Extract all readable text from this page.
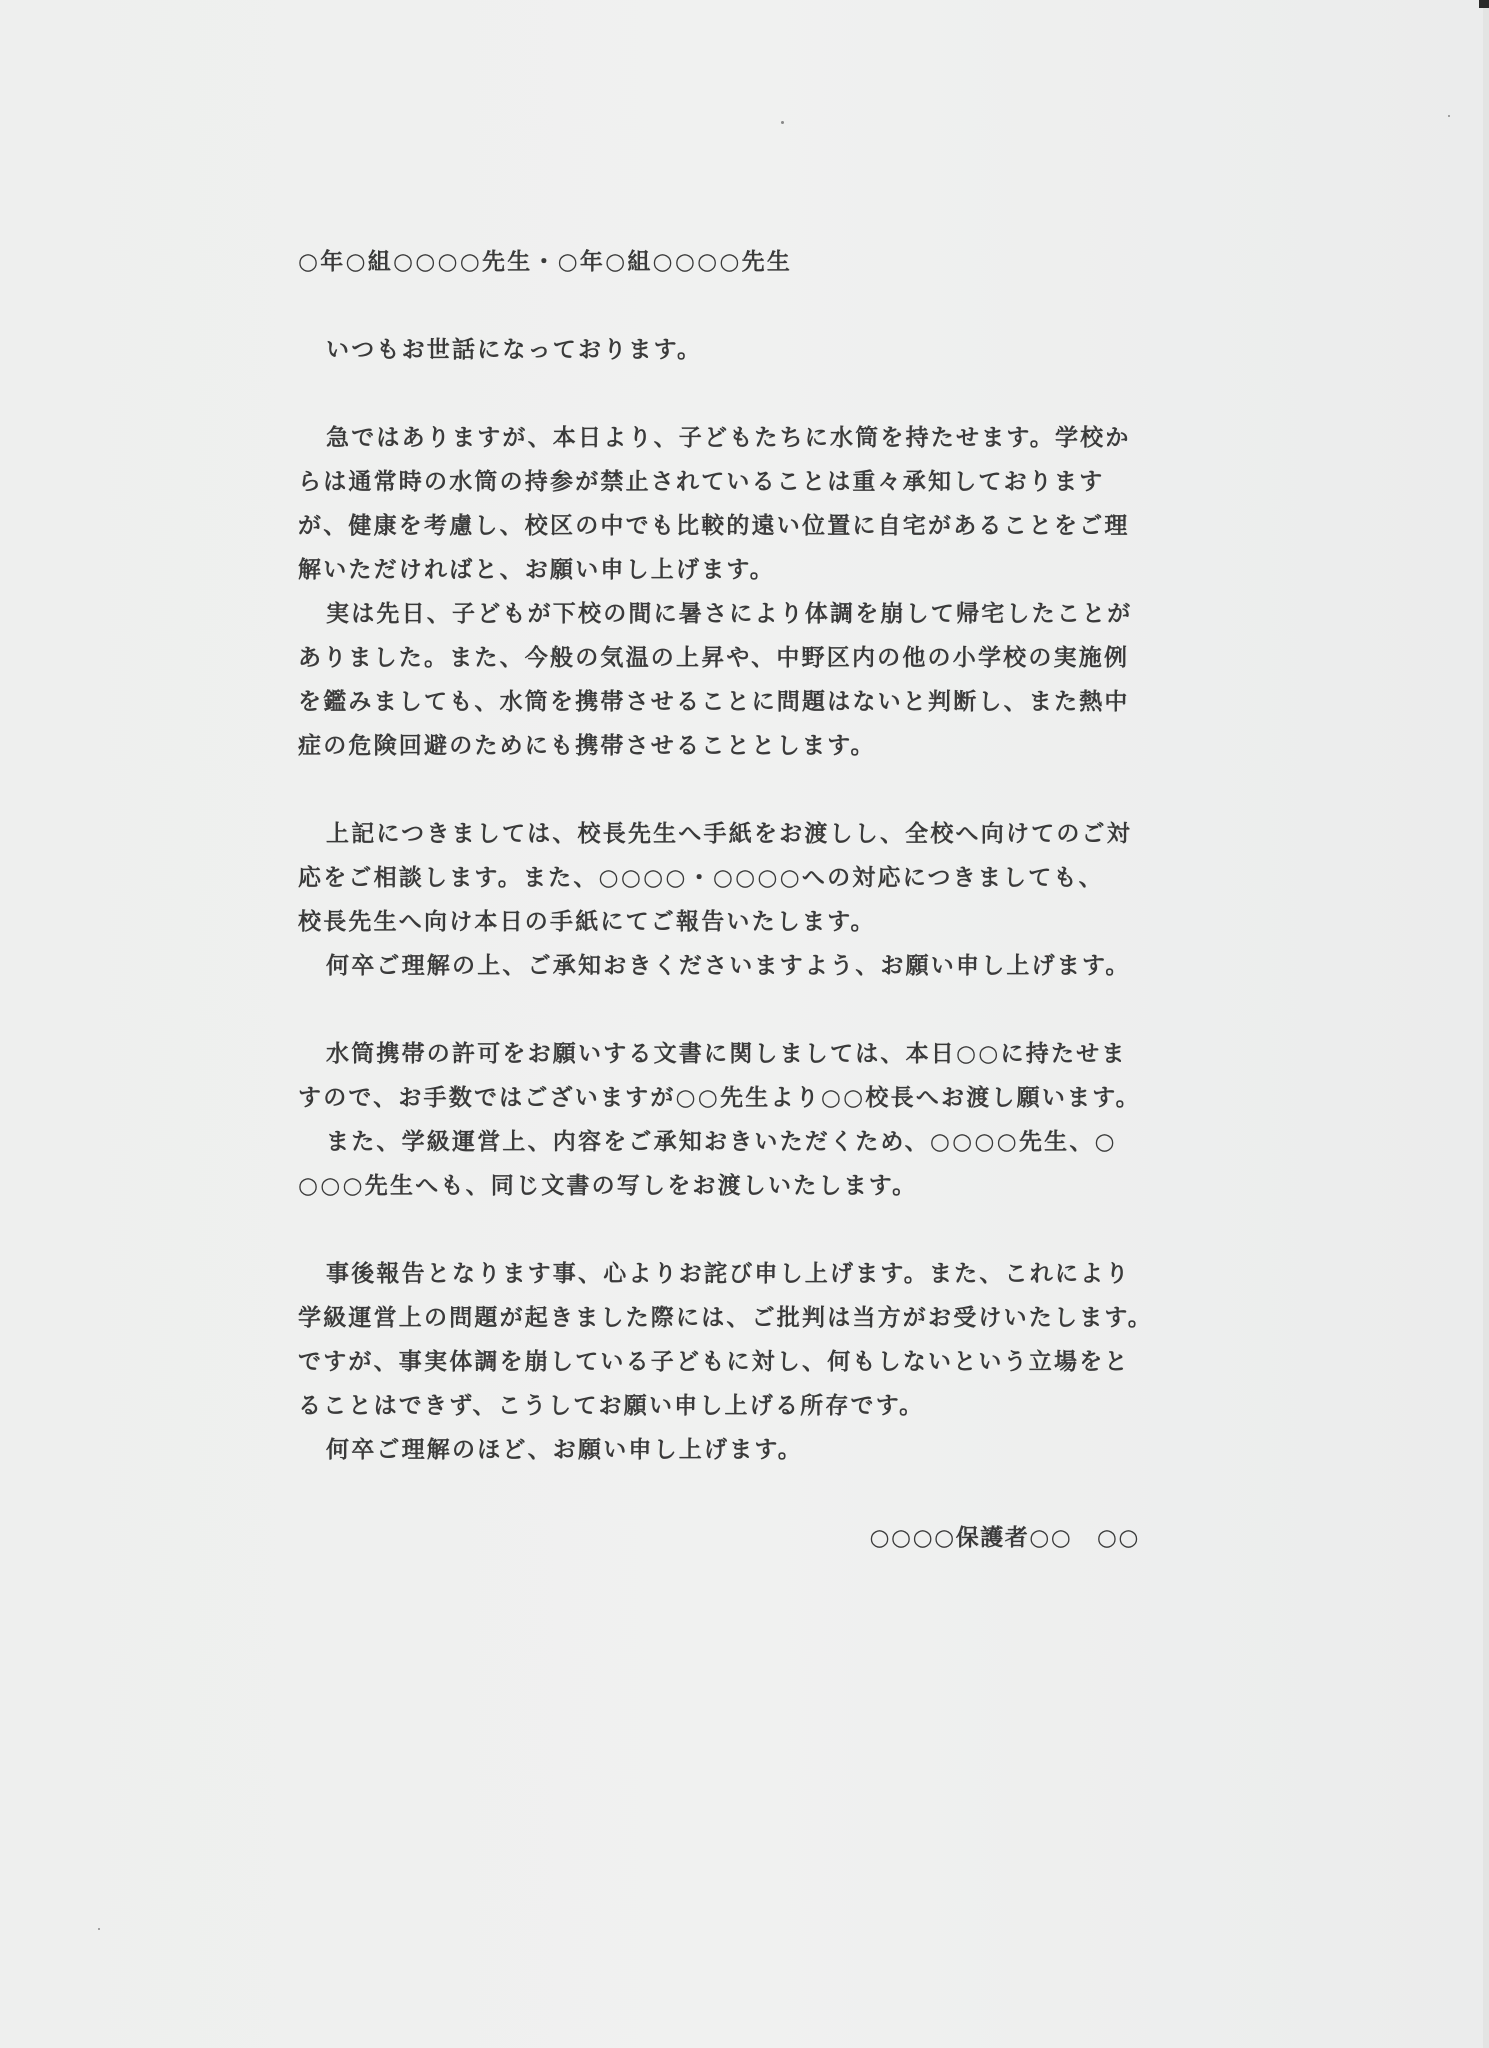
○年○組○○○○先生・○年○組○○○○先生
いつもお世話になっております。
急ではありますが、本日より、子どもたちに水筒を持たせます。学校か
らは通常時の水筒の持参が禁止されていることは重々承知しております
が、健康を考慮し、校区の中でも比較的遠い位置に自宅があることをご理
解いただければと、お願い申し上げます。
実は先日、子どもが下校の間に暑さにより体調を崩して帰宅したことが
ありました。また、今般の気温の上昇や、中野区内の他の小学校の実施例
を鑑みましても、水筒を携帯させることに問題はないと判断し、また熱中
症の危険回避のためにも携帯させることとします。
上記につきましては、校長先生へ手紙をお渡しし、全校へ向けてのご対
応をご相談します。また、○○○○・○○○○への対応につきましても、
校長先生へ向け本日の手紙にてご報告いたします。
何卒ご理解の上、ご承知おきくださいますよう、お願い申し上げます。
水筒携帯の許可をお願いする文書に関しましては、本日○○に持たせま
すので、お手数ではございますが○○先生より○○校長へお渡し願います。
また、学級運営上、内容をご承知おきいただくため、○○○○先生、○
○○○先生へも、同じ文書の写しをお渡しいたします。
事後報告となります事、心よりお詫び申し上げます。また、これにより
学級運営上の問題が起きました際には、ご批判は当方がお受けいたします。
ですが、事実体調を崩している子どもに対し、何もしないという立場をと
ることはできず、こうしてお願い申し上げる所存です。
何卒ご理解のほど、お願い申し上げます。
○○○○保護者○○　○○
